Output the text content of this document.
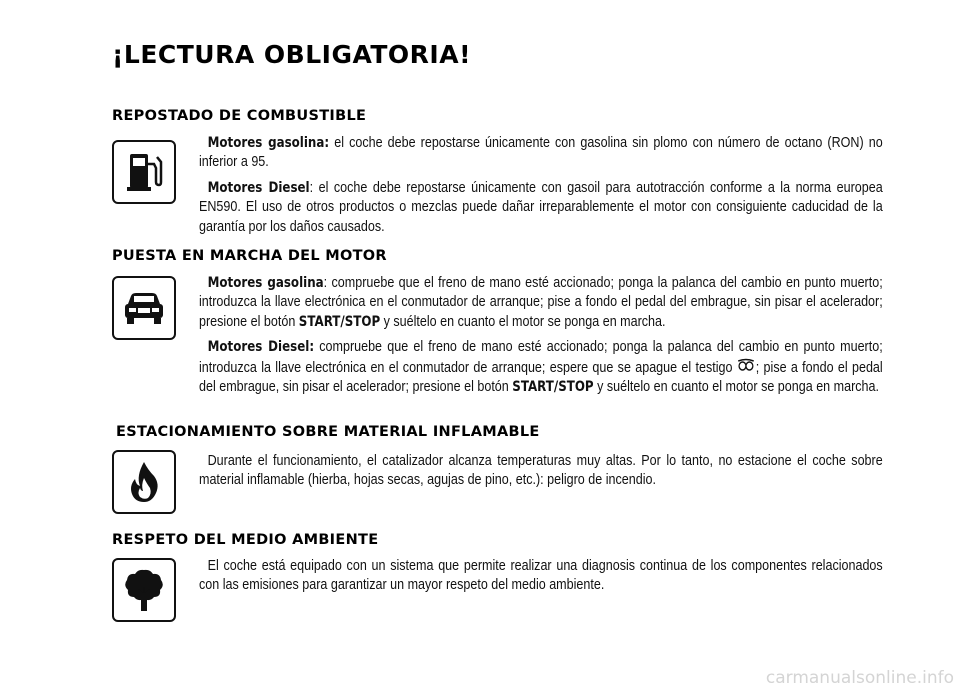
¡LECTURA OBLIGATORIA!
REPOSTADO DE COMBUSTIBLE
Motores gasolina: el coche debe repostarse únicamente con gasolina sin plomo con número de octano (RON) no inferior a 95.

Motores Diesel: el coche debe repostarse únicamente con gasoil para autotracción conforme a la norma europea EN590. El uso de otros productos o mezclas puede dañar irreparablemente el motor con consiguiente caducidad de la garantía por los daños causados.
PUESTA EN MARCHA DEL MOTOR
Motores gasolina: compruebe que el freno de mano esté accionado; ponga la palanca del cambio en punto muerto; introduzca la llave electrónica en el conmutador de arranque; pise a fondo el pedal del embrague, sin pisar el acelerador; presione el botón START/STOP y suéltelo en cuanto el motor se ponga en marcha.

Motores Diesel: compruebe que el freno de mano esté accionado; ponga la palanca del cambio en punto muerto; introduzca la llave electrónica en el conmutador de arranque; espere que se apague el testigo ; pise a fondo el pedal del embrague, sin pisar el acelerador; presione el botón START/STOP y suéltelo en cuanto el motor se ponga en marcha.
ESTACIONAMIENTO SOBRE MATERIAL INFLAMABLE
Durante el funcionamiento, el catalizador alcanza temperaturas muy altas. Por lo tanto, no estacione el coche sobre material inflamable (hierba, hojas secas, agujas de pino, etc.): peligro de incendio.
RESPETO DEL MEDIO AMBIENTE
El coche está equipado con un sistema que permite realizar una diagnosis continua de los componentes relacionados con las emisiones para garantizar un mayor respeto del medio ambiente.
carmanualsonline.info
